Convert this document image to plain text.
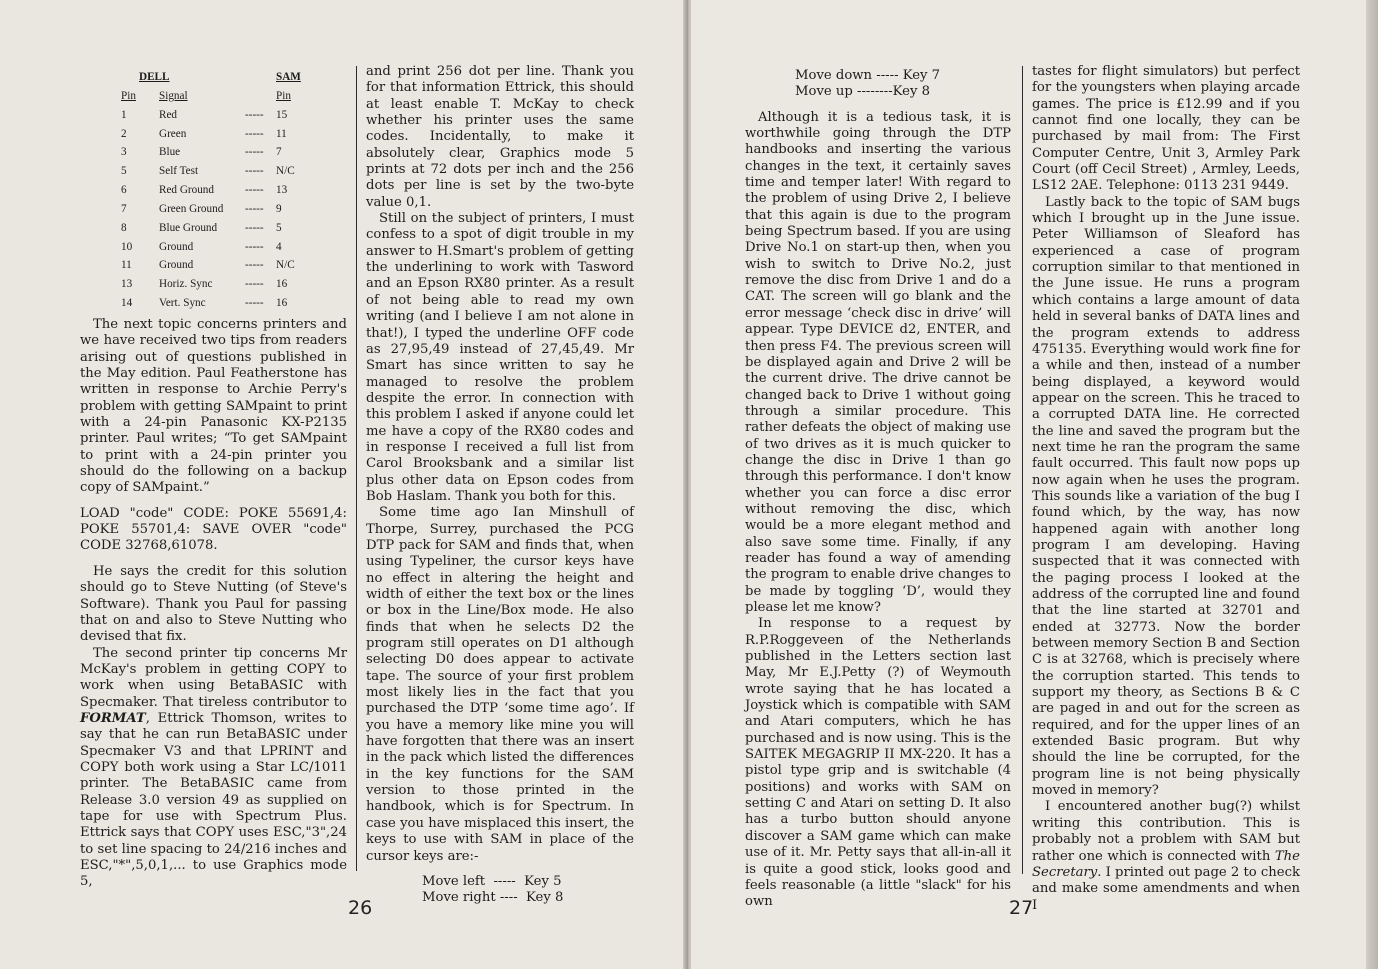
DELL	SAM
Pin Signal	Pin
1	Red	----- 15
2	Green	----- 11
3	Blue	----- 7
5	Self Test	----- N/C
6	Red Ground	----- 13
7	Green Ground ----- 9
8	Blue Ground ----- 5
10 Ground	----- 4
11 Ground	----- N/C
13 Horiz. Sync	----- 16
14 Vert. Sync	----- 16

The next topic concerns printers and we have received two tips from readers arising out of questions published in the May edition. Paul Featherstone has written in response to Archie Perry's problem with getting SAMpaint to print with a 24-pin Panasonic KX-P2135 printer. Paul writes; “To get SAMpaint to print with a 24-pin printer you should do the following on a backup copy of SAMpaint.”

LOAD "code" CODE: POKE 55691,4: POKE 55701,4: SAVE OVER "code" CODE 32768,61078.

He says the credit for this solution should go to Steve Nutting (of Steve's Software). Thank you Paul for passing that on and also to Steve Nutting who devised that fix.

The second printer tip concerns Mr McKay's problem in getting COPY to work when using BetaBASIC with Specmaker. That tireless contributor to FORMAT, Ettrick Thomson, writes to say that he can run BetaBASIC under Specmaker V3 and that LPRINT and COPY both work using a Star LC/1011 printer. The BetaBASIC came from Release 3.0 version 49 as supplied on tape for use with Spectrum Plus. Ettrick says that COPY uses ESC,"3",24 to set line spacing to 24/216 inches and ESC,"*",5,0,1,... to use Graphics mode 5,

and print 256 dot per line. Thank you for that information Ettrick, this should at least enable T. McKay to check whether his printer uses the same codes. Incidentally, to make it absolutely clear, Graphics mode 5 prints at 72 dots per inch and the 256 dots per line is set by the two-byte value 0,1.

Still on the subject of printers, I must confess to a spot of digit trouble in my answer to H.Smart's problem of getting the underlining to work with Tasword and an Epson RX80 printer. As a result of not being able to read my own writing (and I believe I am not alone in that!), I typed the underline OFF code as 27,95,49 instead of 27,45,49. Mr Smart has since written to say he managed to resolve the problem despite the error. In connection with this problem I asked if anyone could let me have a copy of the RX80 codes and in response I received a full list from Carol Brooksbank and a similar list plus other data on Epson codes from Bob Haslam. Thank you both for this.

Some time ago Ian Minshull of Thorpe, Surrey, purchased the PCG DTP pack for SAM and finds that, when using Typeliner, the cursor keys have no effect in altering the height and width of either the text box or the lines or box in the Line/Box mode. He also finds that when he selects D2 the program still operates on D1 although selecting D0 does appear to activate tape. The source of your first problem most likely lies in the fact that you purchased the DTP ‘some time ago’. If you have a memory like mine you will have forgotten that there was an insert in the pack which listed the differences in the key functions for the SAM version to those printed in the handbook, which is for Spectrum. In case you have misplaced this insert, the keys to use with SAM in place of the cursor keys are:-

Move left  -----  Key 5

Move right ----  Key 8

26

Move down ----- Key 7

Move up --------Key 8

Although it is a tedious task, it is worthwhile going through the DTP handbooks and inserting the various changes in the text, it certainly saves time and temper later! With regard to the problem of using Drive 2, I believe that this again is due to the program being Spectrum based. If you are using Drive No.1 on start-up then, when you wish to switch to Drive No.2, just remove the disc from Drive 1 and do a CAT. The screen will go blank and the error message ‘check disc in drive’ will appear. Type DEVICE d2, ENTER, and then press F4. The previous screen will be displayed again and Drive 2 will be the current drive. The drive cannot be changed back to Drive 1 without going through a similar procedure. This rather defeats the object of making use of two drives as it is much quicker to change the disc in Drive 1 than go through this performance. I don't know whether you can force a disc error without removing the disc, which would be a more elegant method and also save some time. Finally, if any reader has found a way of amending the program to enable drive changes to be made by toggling ‘D’, would they please let me know?

In response to a request by R.P.Roggeveen of the Netherlands published in the Letters section last May, Mr E.J.Petty (?) of Weymouth wrote saying that he has located a Joystick which is compatible with SAM and Atari computers, which he has purchased and is now using. This is the SAITEK MEGAGRIP II MX-220. It has a pistol type grip and is switchable (4 positions) and works with SAM on setting C and Atari on setting D. It also has a turbo button should anyone discover a SAM game which can make use of it. Mr. Petty says that all-in-all it is quite a good stick, looks good and feels reasonable (a little "slack" for his own

tastes for flight simulators) but perfect for the youngsters when playing arcade games. The price is £12.99 and if you cannot find one locally, they can be purchased by mail from: The First Computer Centre, Unit 3, Armley Park Court (off Cecil Street) , Armley, Leeds, LS12 2AE. Telephone: 0113 231 9449.

Lastly back to the topic of SAM bugs which I brought up in the June issue. Peter Williamson of Sleaford has experienced a case of program corruption similar to that mentioned in the June issue. He runs a program which contains a large amount of data held in several banks of DATA lines and the program extends to address 475135. Everything would work fine for a while and then, instead of a number being displayed, a keyword would appear on the screen. This he traced to a corrupted DATA line. He corrected the line and saved the program but the next time he ran the program the same fault occurred. This fault now pops up now again when he uses the program. This sounds like a variation of the bug I found which, by the way, has now happened again with another long program I am developing. Having suspected that it was connected with the paging process I looked at the address of the corrupted line and found that the line started at 32701 and ended at 32773. Now the border between memory Section B and Section C is at 32768, which is precisely where the corruption started. This tends to support my theory, as Sections B & C are paged in and out for the screen as required, and for the upper lines of an extended Basic program. But why should the line be corrupted, for the program line is not being physically moved in memory?

I encountered another bug(?) whilst writing this contribution. This is probably not a problem with SAM but rather one which is connected with The Secretary. I printed out page 2 to check and make some amendments and when I

27
